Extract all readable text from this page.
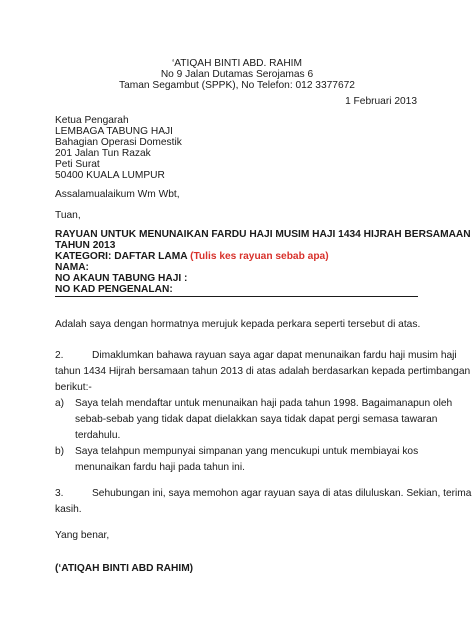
‘ATIQAH BINTI ABD. RAHIM
No 9 Jalan Dutamas Serojamas 6
Taman Segambut (SPPK), No Telefon: 012 3377672
1 Februari 2013
Ketua Pengarah
LEMBAGA TABUNG HAJI
Bahagian Operasi Domestik
201 Jalan Tun Razak
Peti Surat
50400 KUALA LUMPUR
Assalamualaikum Wm Wbt,
Tuan,
RAYUAN UNTUK MENUNAIKAN FARDU HAJI MUSIM HAJI 1434 HIJRAH BERSAMAAN
TAHUN 2013
KATEGORI: DAFTAR LAMA (Tulis kes rayuan sebab apa)
NAMA:
NO AKAUN TABUNG HAJI :
NO KAD PENGENALAN:
Adalah saya dengan hormatnya merujuk kepada perkara seperti tersebut di atas.
2.	Dimaklumkan bahawa rayuan saya agar dapat menunaikan fardu haji musim haji
tahun 1434 Hijrah bersamaan tahun 2013 di atas adalah berdasarkan kepada pertimbangan
berikut:-
a) Saya telah mendaftar untuk menunaikan haji pada tahun 1998. Bagaimanapun oleh
sebab-sebab yang tidak dapat dielakkan saya tidak dapat pergi semasa tawaran
terdahulu.
b) Saya telahpun mempunyai simpanan yang mencukupi untuk membiayai kos
menunaikan fardu haji pada tahun ini.
3.	Sehubungan ini, saya memohon agar rayuan saya di atas diluluskan. Sekian, terima
kasih.
Yang benar,
(‘ATIQAH BINTI ABD RAHIM)
